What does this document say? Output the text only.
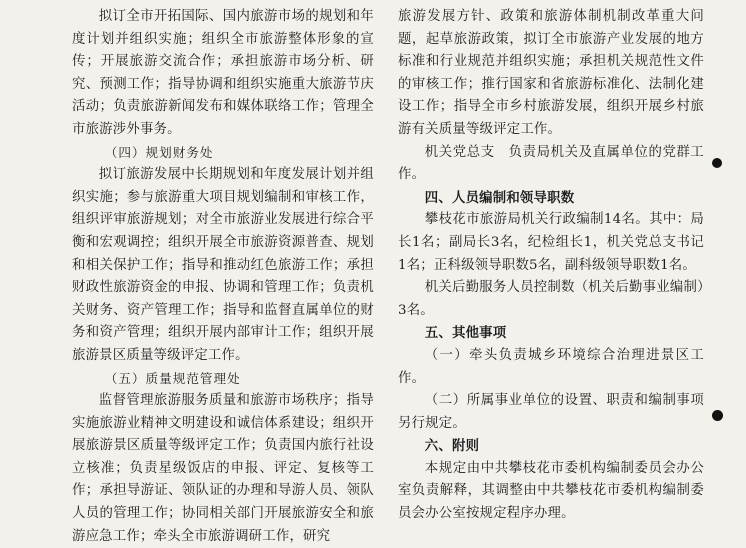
拟订全市开拓国际、国内旅游市场的规划和年度计划并组织实施；组织全市旅游整体形象的宣传；开展旅游交流合作；承担旅游市场分析、研究、预测工作；指导协调和组织实施重大旅游节庆活动；负责旅游新闻发布和媒体联络工作；管理全市旅游涉外事务。

（四）规划财务处

拟订旅游发展中长期规划和年度发展计划并组织实施；参与旅游重大项目规划编制和审核工作，组织评审旅游规划；对全市旅游业发展进行综合平衡和宏观调控；组织开展全市旅游资源普查、规划和相关保护工作；指导和推动红色旅游工作；承担财政性旅游资金的申报、协调和管理工作；负责机关财务、资产管理工作；指导和监督直属单位的财务和资产管理；组织开展内部审计工作；组织开展旅游景区质量等级评定工作。

（五）质量规范管理处

监督管理旅游服务质量和旅游市场秩序；指导实施旅游业精神文明建设和诚信体系建设；组织开展旅游景区质量等级评定工作；负责国内旅行社设立核准；负责星级饭店的申报、评定、复核等工作；承担导游证、领队证的办理和导游人员、领队人员的管理工作；协同相关部门开展旅游安全和旅游应急工作；牵头全市旅游调研工作，研究

旅游发展方针、政策和旅游体制机制改革重大问题，起草旅游政策，拟订全市旅游产业发展的地方标准和行业规范并组织实施；承担机关规范性文件的审核工作；推行国家和省旅游标准化、法制化建设工作；指导全市乡村旅游发展，组织开展乡村旅游有关质量等级评定工作。

机关党总支　负责局机关及直属单位的党群工作。

四、人员编制和领导职数

攀枝花市旅游局机关行政编制14名。其中：局长1名；副局长3名，纪检组长1，机关党总支书记1名；正科级领导职数5名，副科级领导职数1名。

机关后勤服务人员控制数（机关后勤事业编制）3名。

五、其他事项

（一）牵头负责城乡环境综合治理进景区工作。

（二）所属事业单位的设置、职责和编制事项另行规定。

六、附则

本规定由中共攀枝花市委机构编制委员会办公室负责解释，其调整由中共攀枝花市委机构编制委员会办公室按规定程序办理。
